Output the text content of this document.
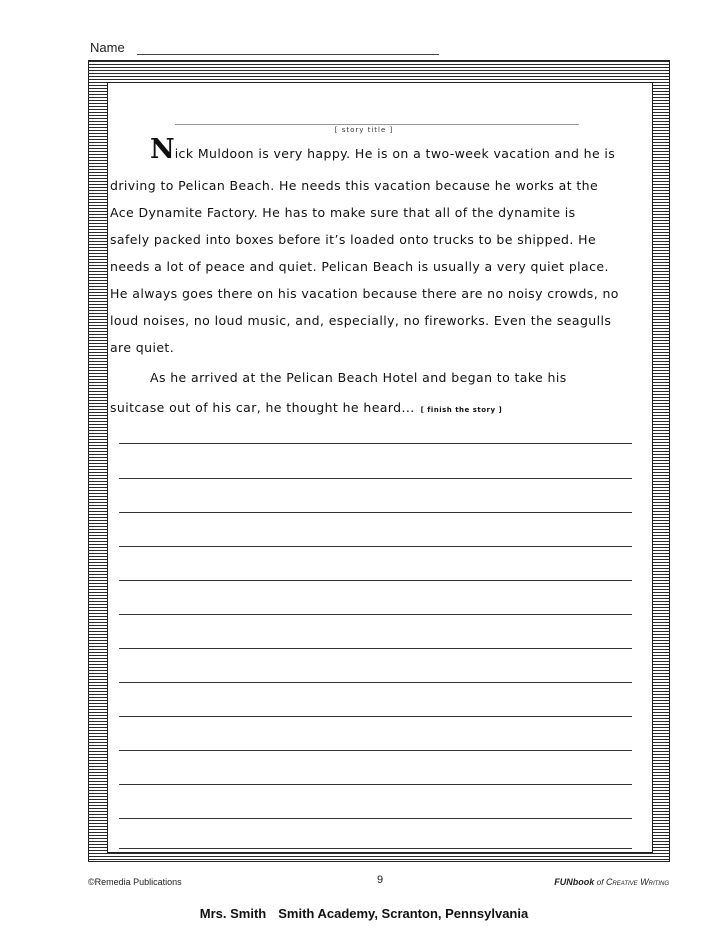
Name
[ story title ]
Nick Muldoon is very happy. He is on a two-week vacation and he is
driving to Pelican Beach. He needs this vacation because he works at the
Ace Dynamite Factory. He has to make sure that all of the dynamite is
safely packed into boxes before it’s loaded onto trucks to be shipped. He
needs a lot of peace and quiet. Pelican Beach is usually a very quiet place.
He always goes there on his vacation because there are no noisy crowds, no
loud noises, no loud music, and, especially, no fireworks. Even the seagulls
are quiet.
As he arrived at the Pelican Beach Hotel and began to take his
suitcase out of his car, he thought he heard... [ finish the story ]
©Remedia Publications	9	FUNbook of Creative Writing
Mrs. Smith Smith Academy, Scranton, Pennsylvania
